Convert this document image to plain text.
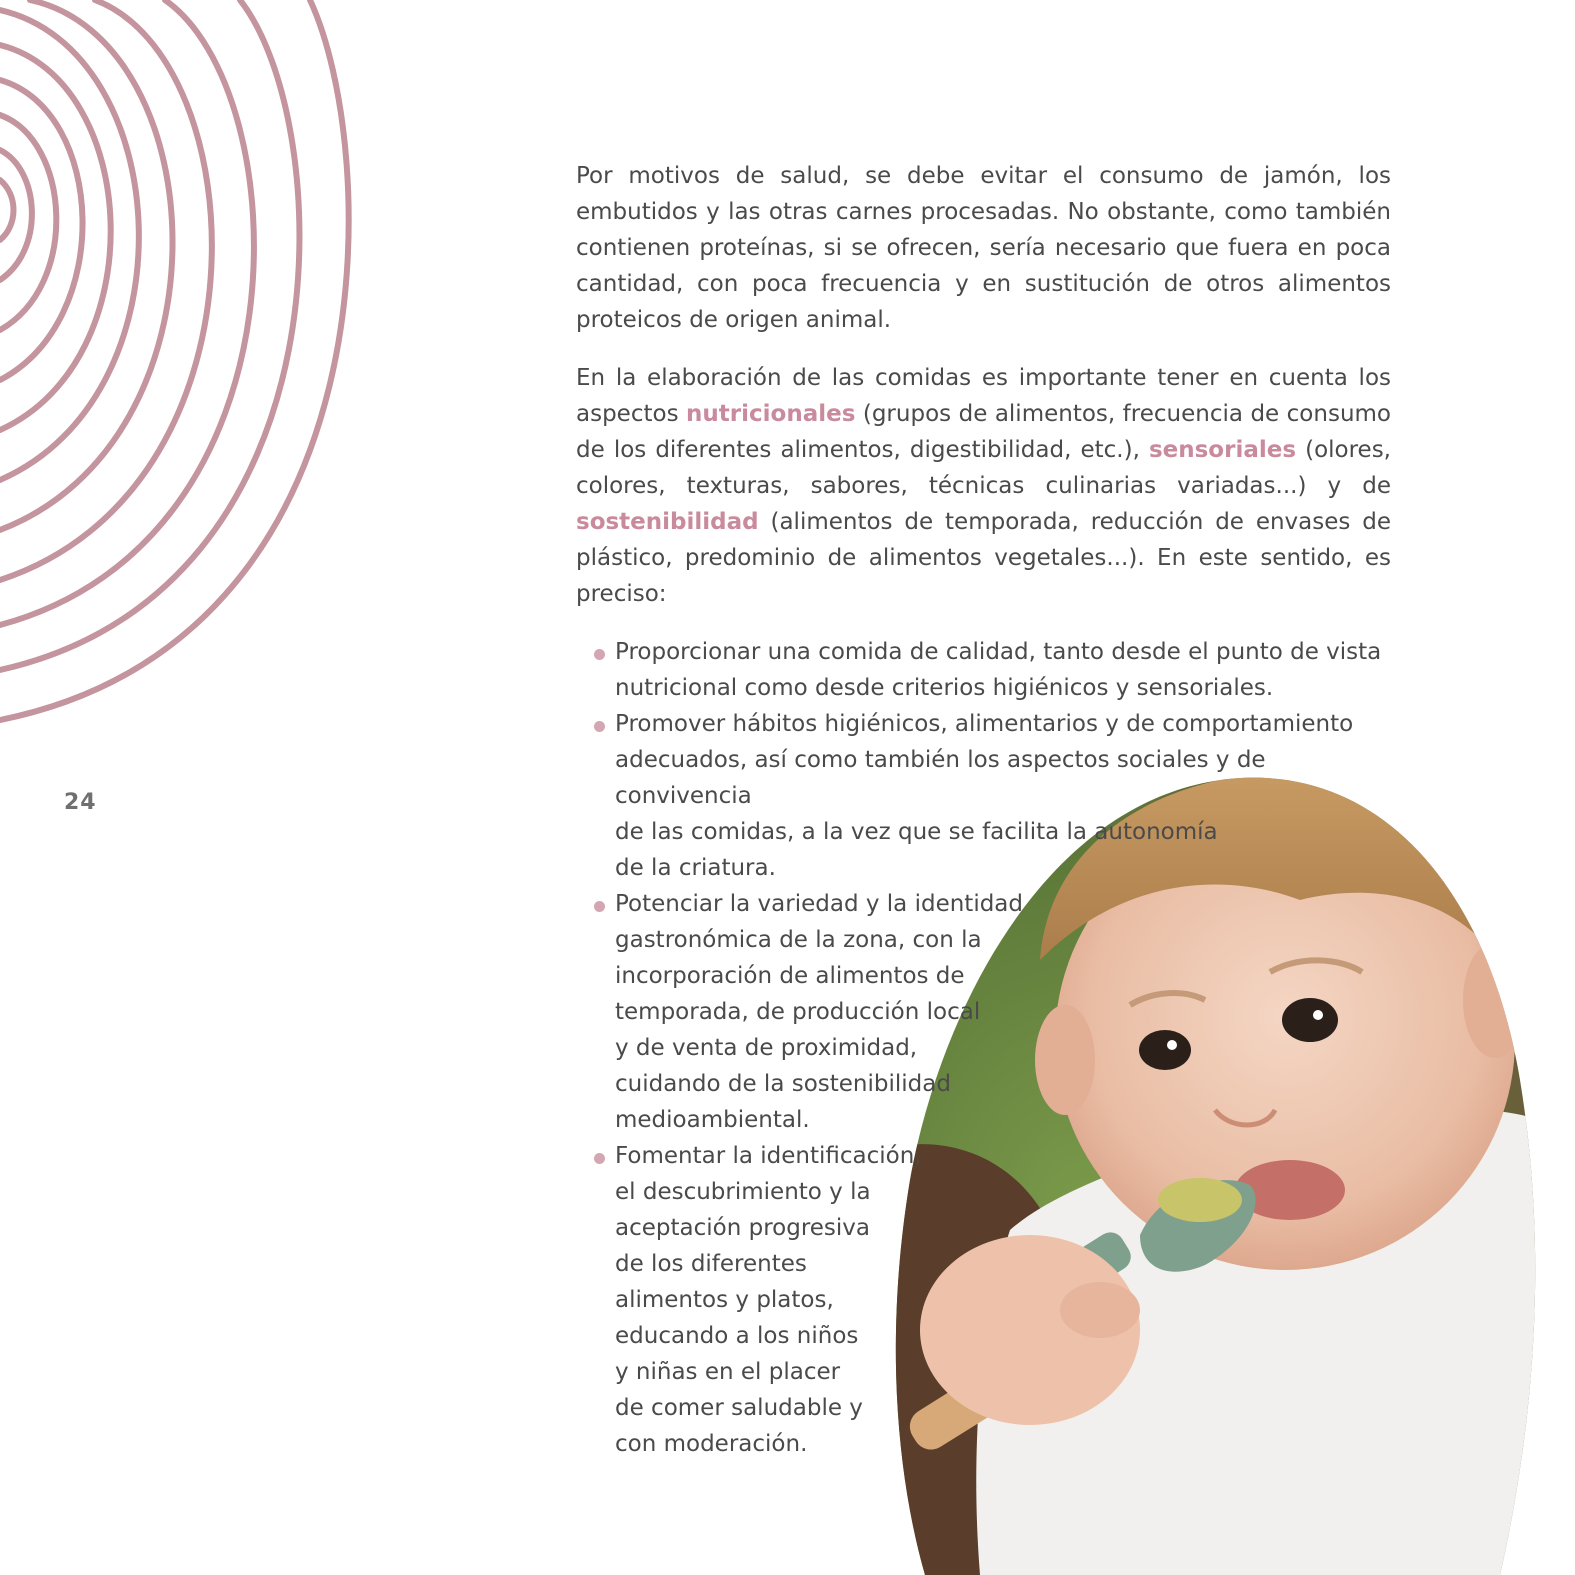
24

Por motivos de salud, se debe evitar el consumo de jamón, los embutidos y las otras carnes procesadas. No obstante, como también contienen proteínas, si se ofrecen, sería necesario que fuera en poca cantidad, con poca frecuencia y en sustitución de otros alimentos proteicos de origen animal.

En la elaboración de las comidas es importante tener en cuenta los aspectos nutricionales (grupos de alimentos, frecuencia de consumo de los diferentes alimentos, digestibilidad, etc.), sensoriales (olores, colores, texturas, sabores, técnicas culinarias variadas...) y de sostenibilidad (alimentos de temporada, reducción de envases de plástico, predominio de alimentos vegetales...). En este sentido, es preciso:

Proporcionar una comida de calidad, tanto desde el punto de vista nutricional como desde criterios higiénicos y sensoriales.
Promover hábitos higiénicos, alimentarios y de comportamiento adecuados, así como también los aspectos sociales y de convivencia
de las comidas, a la vez que se facilita la autonomía
de la criatura.
Potenciar la variedad y la identidad
gastronómica de la zona, con la
incorporación de alimentos de
temporada, de producción local
y de venta de proximidad,
cuidando de la sostenibilidad
medioambiental.
Fomentar la identificación,
el descubrimiento y la
aceptación progresiva
de los diferentes
alimentos y platos,
educando a los niños
y niñas en el placer
de comer saludable y
con moderación.
